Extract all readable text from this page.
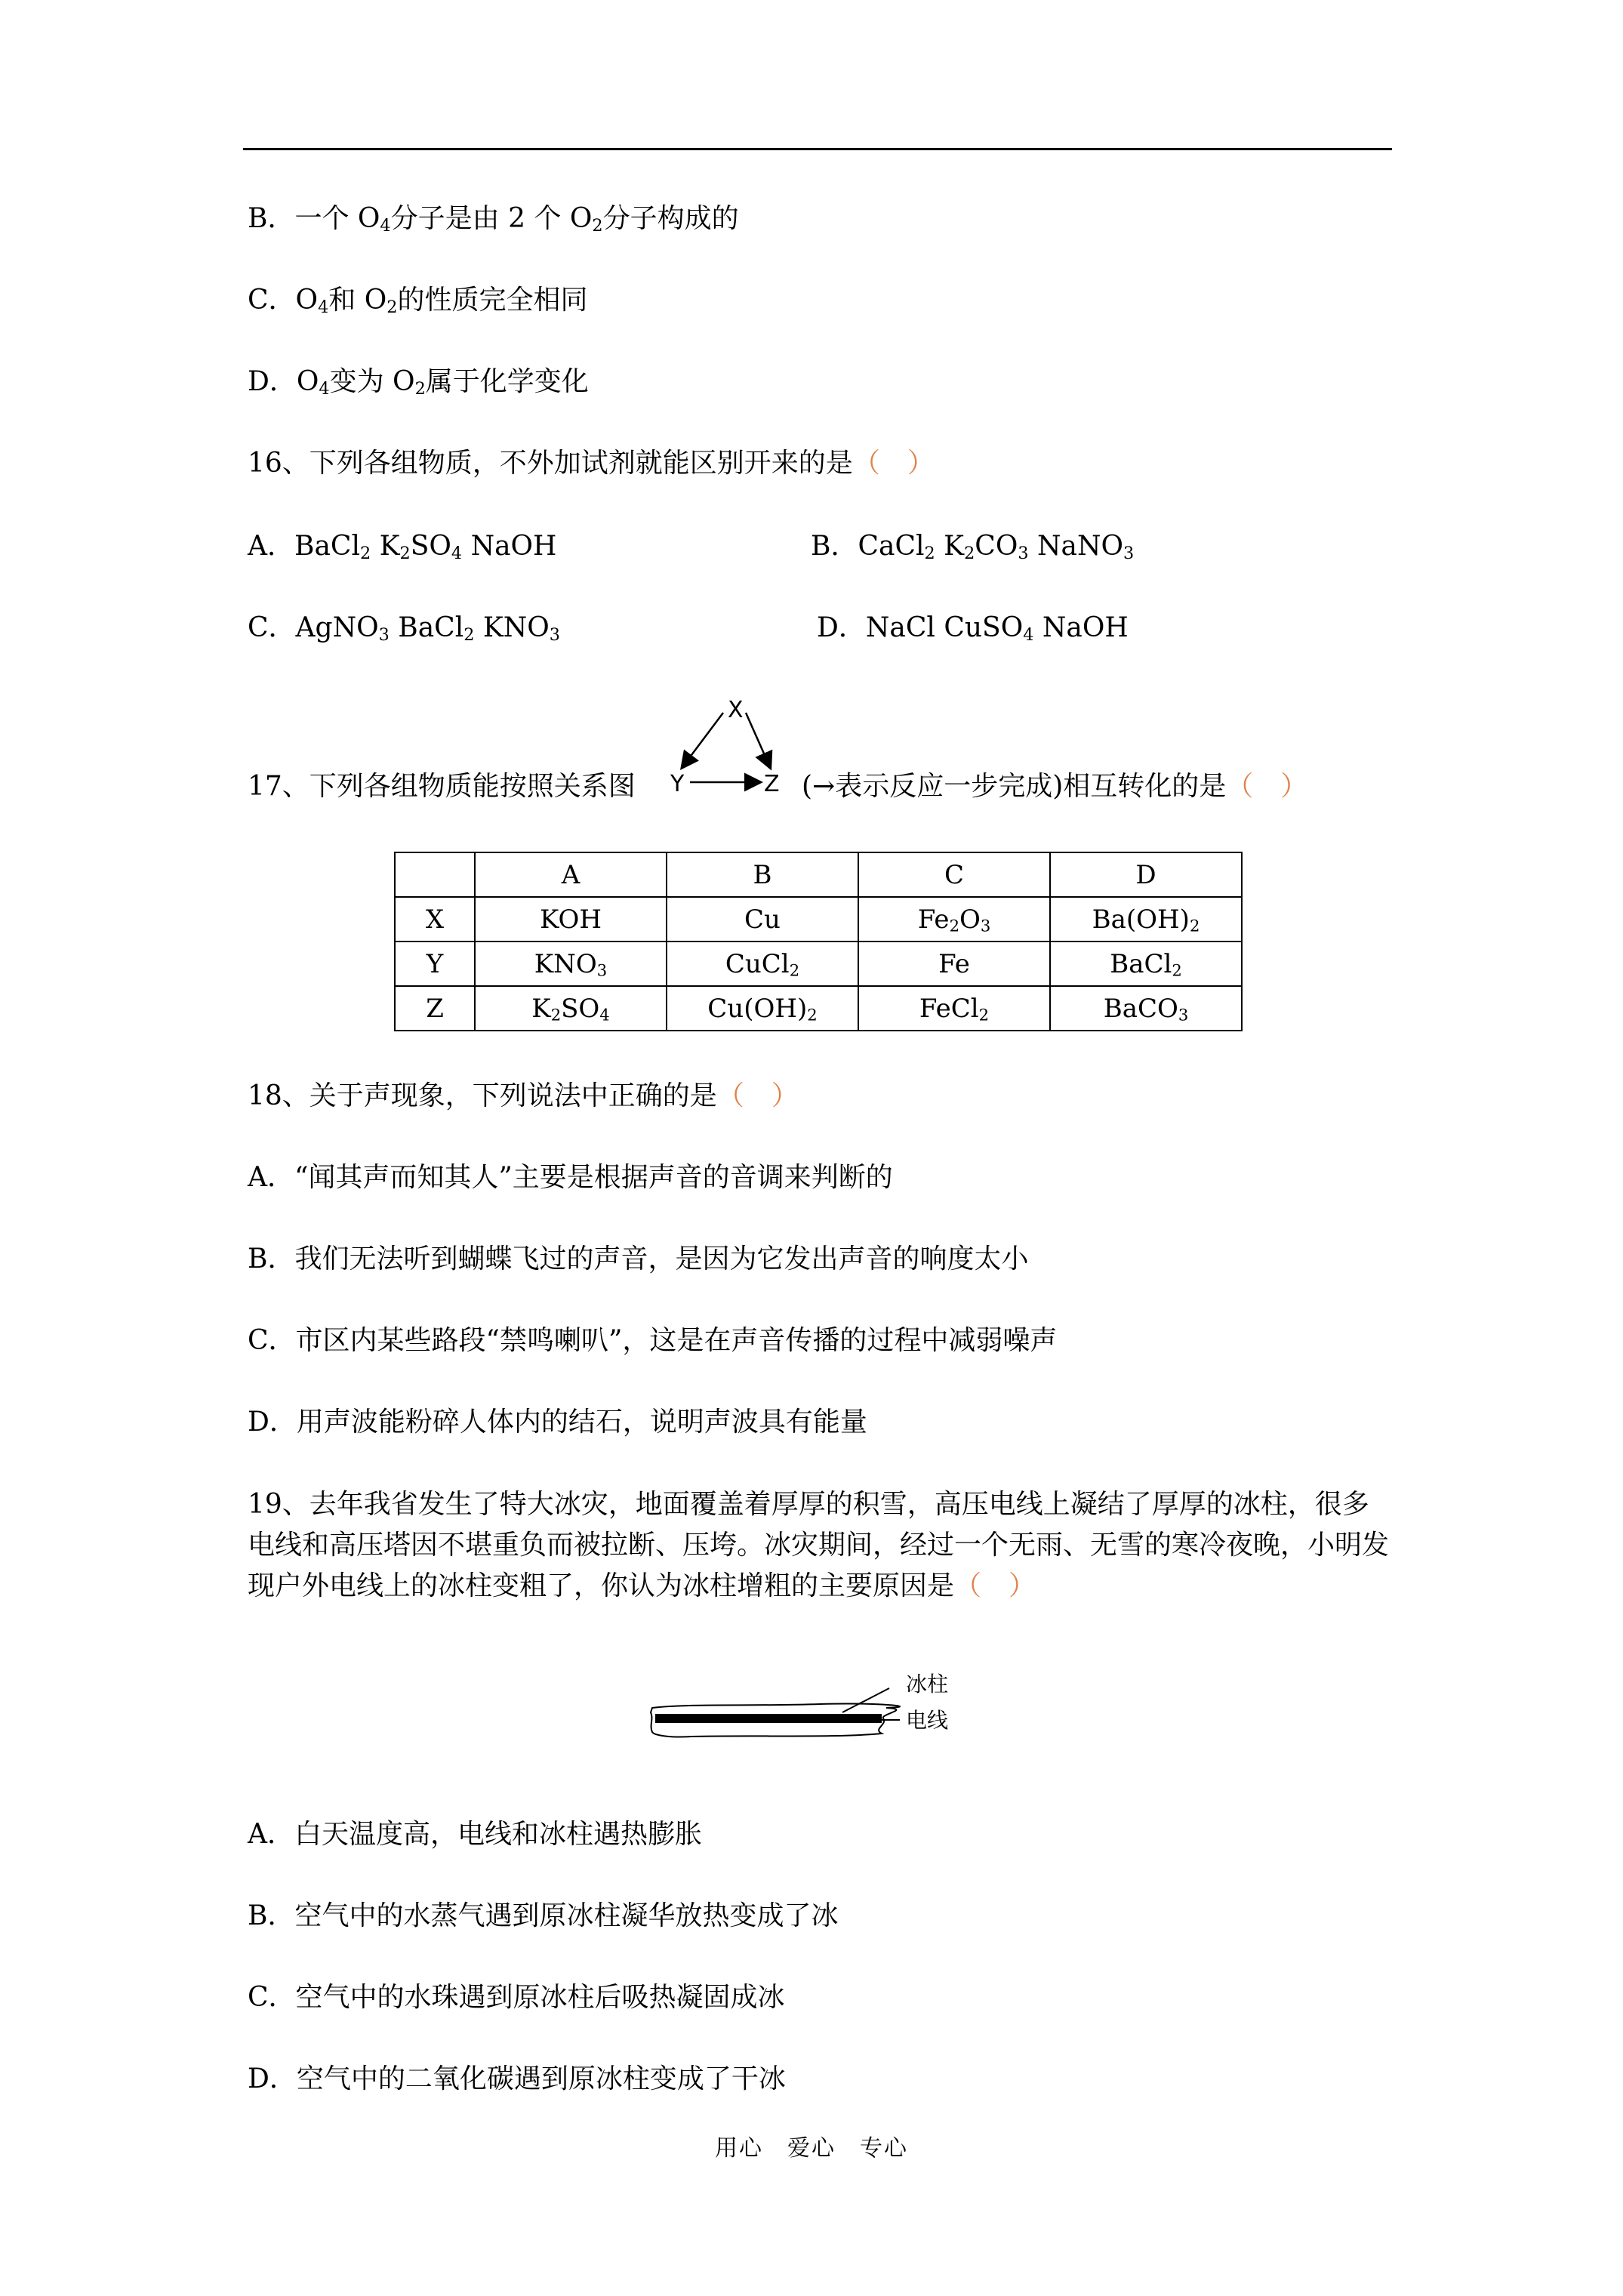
B．一个 $O_4$分子是由 2 个 $O_2$分子构成的
C．$O_4$和 $O_2$的性质完全相同
D．$O_4$变为 $O_2$属于化学变化
16、下列各组物质，不外加试剂就能区别开来的是（　）
A．BaCl$_2$ $K_2SO_4$ NaOH	B．CaCl$_2$ $K_2CO_3$ NaNO$_3$
C．AgNO$_3$ BaCl$_2$ $KNO_3$	D．NaCl CuSO$_4$ NaOH
17、下列各组物质能按照关系图
X
Y	Z (→表示反应一步完成)相互转化的是（　）
	A	B	C	D
X	KOH	Cu	$Fe_2O_3$	$Ba(OH)_2$
Y	$KNO_3$	CuCl$_2$	Fe	BaCl$_2$
Z	$K_2SO_4$	$Cu(OH)_2$	FeCl$_2$	BaCO$_3$
18、关于声现象，下列说法中正确的是（　）
A．“闻其声而知其人”主要是根据声音的音调来判断的
B．我们无法听到蝴蝶飞过的声音，是因为它发出声音的响度太小
C．市区内某些路段“禁鸣喇叭”，这是在声音传播的过程中减弱噪声
D．用声波能粉碎人体内的结石，说明声波具有能量
19、去年我省发生了特大冰灾，地面覆盖着厚厚的积雪，高压电线上凝结了厚厚的冰柱，很多电线和高压塔因不堪重负而被拉断、压垮。冰灾期间，经过一个无雨、无雪的寒冷夜晚，小明发现户外电线上的冰柱变粗了，你认为冰柱增粗的主要原因是（　）
冰柱
电线
A．白天温度高，电线和冰柱遇热膨胀
B．空气中的水蒸气遇到原冰柱凝华放热变成了冰
C．空气中的水珠遇到原冰柱后吸热凝固成冰
D．空气中的二氧化碳遇到原冰柱变成了干冰
用心　爱心　专心
